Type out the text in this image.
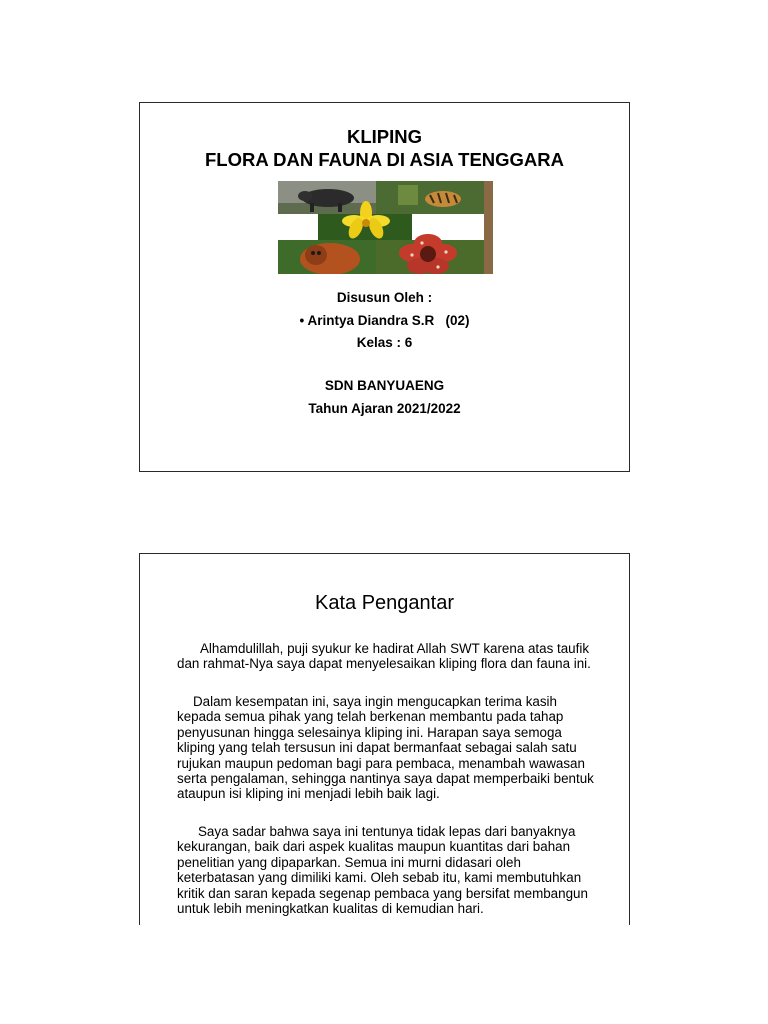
KLIPING
FLORA DAN FAUNA DI ASIA TENGGARA
Disusun Oleh :
• Arintya Diandra S.R   (02)
Kelas : 6
SDN BANYUAENG
Tahun Ajaran 2021/2022
Kata Pengantar

Alhamdulillah, puji syukur ke hadirat Allah SWT karena atas taufik dan rahmat-Nya saya dapat menyelesaikan kliping flora dan fauna ini.

Dalam kesempatan ini, saya ingin mengucapkan terima kasih kepada semua pihak yang telah berkenan membantu pada tahap penyusunan hingga selesainya kliping ini. Harapan saya semoga kliping yang telah tersusun ini dapat bermanfaat sebagai salah satu rujukan maupun pedoman bagi para pembaca, menambah wawasan serta pengalaman, sehingga nantinya saya dapat memperbaiki bentuk ataupun isi kliping ini menjadi lebih baik lagi.

Saya sadar bahwa saya ini tentunya tidak lepas dari banyaknya kekurangan, baik dari aspek kualitas maupun kuantitas dari bahan penelitian yang dipaparkan. Semua ini murni didasari oleh keterbatasan yang dimiliki kami. Oleh sebab itu, kami membutuhkan kritik dan saran kepada segenap pembaca yang bersifat membangun untuk lebih meningkatkan kualitas di kemudian hari.
